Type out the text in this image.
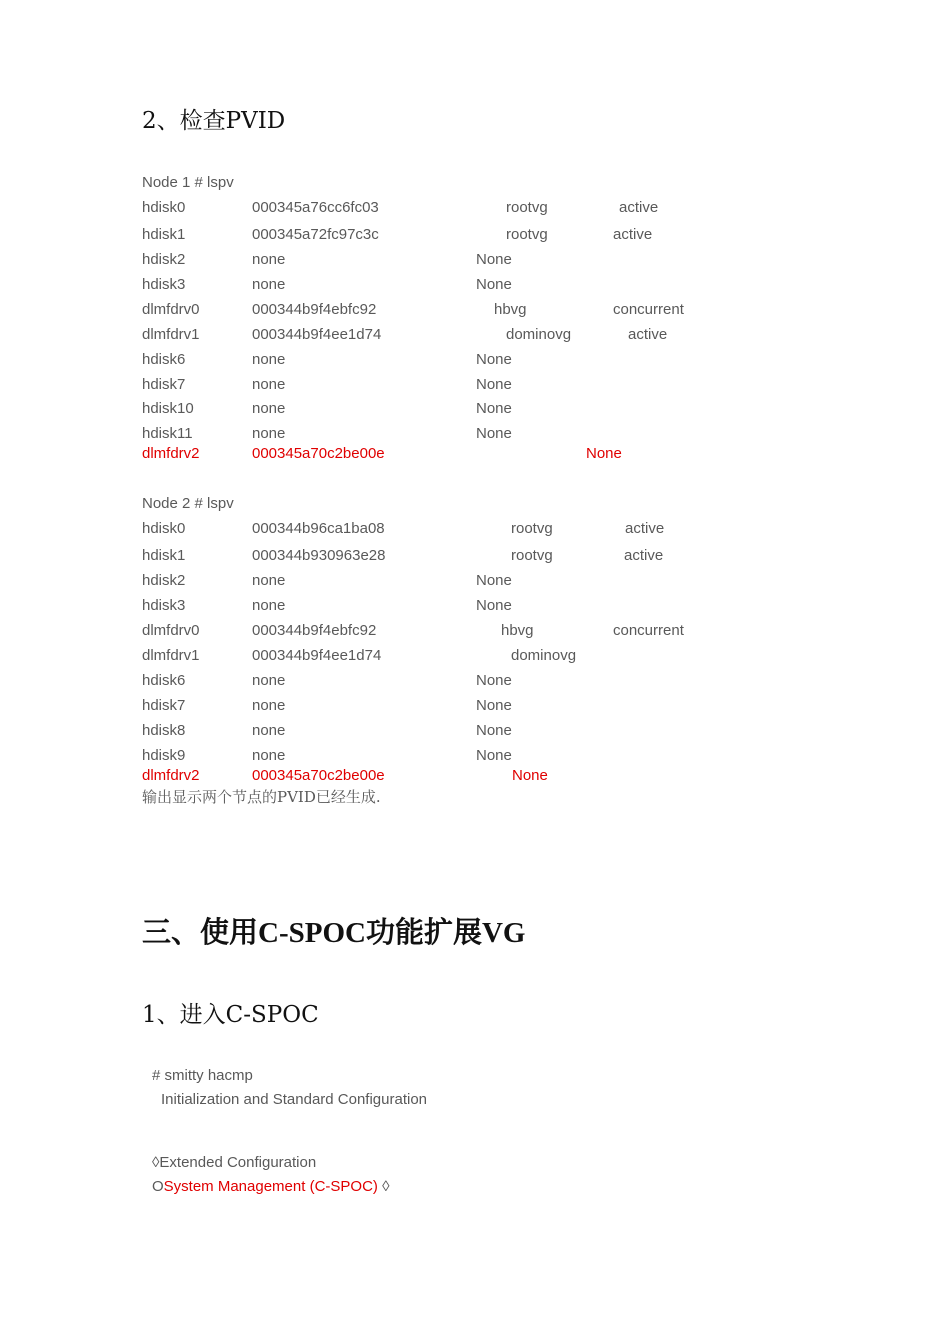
2、检查PVID
Node 1 # lspv
hdisk0	000345a76cc6fc03	rootvg	active
hdisk1	000345a72fc97c3c	rootvg	active
hdisk2	none	None
hdisk3	none	None
dlmfdrv0	000344b9f4ebfc92	hbvg	concurrent
dlmfdrv1	000344b9f4ee1d74	dominovg	active
hdisk6	none	None
hdisk7	none	None
hdisk10	none	None
hdisk11	none	None
dlmfdrv2	000345a70c2be00e	None
Node 2 # lspv
hdisk0	000344b96ca1ba08	rootvg	active
hdisk1	000344b930963e28	rootvg	active
hdisk2	none	None
hdisk3	none	None
dlmfdrv0	000344b9f4ebfc92	hbvg	concurrent
dlmfdrv1	000344b9f4ee1d74	dominovg
hdisk6	none	None
hdisk7	none	None
hdisk8	none	None
hdisk9	none	None
dlmfdrv2	000345a70c2be00e	None
输出显示两个节点的PVID已经生成.
三、使用C-SPOC功能扩展VG
1、进入C-SPOC
# smitty hacmp
Initialization and Standard Configuration
◊Extended Configuration
OSystem Management (C-SPOC) ◊
